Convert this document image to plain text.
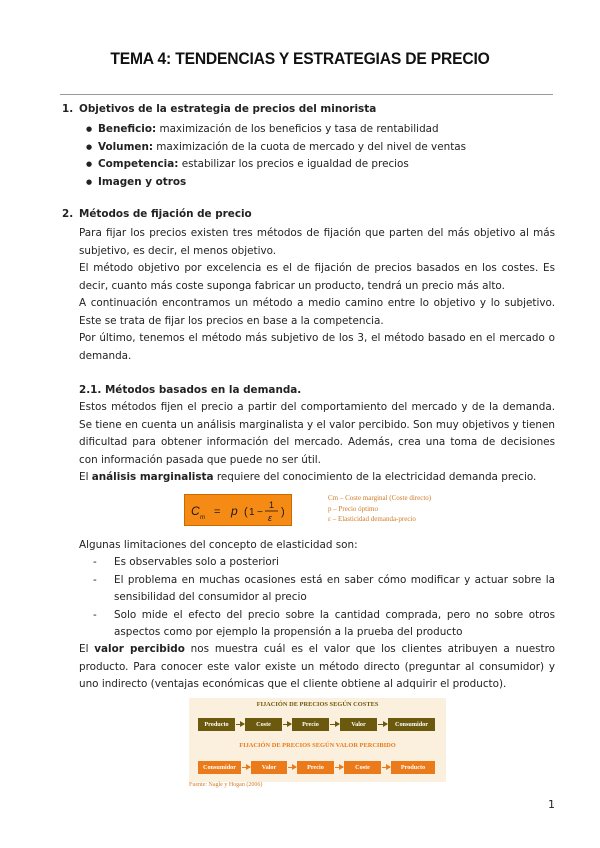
TEMA 4: TENDENCIAS Y ESTRATEGIAS DE PRECIO
1. Objetivos de la estrategia de precios del minorista
● Beneficio: maximización de los beneficios y tasa de rentabilidad
● Volumen: maximización de la cuota de mercado y del nivel de ventas
● Competencia: estabilizar los precios e igualdad de precios
● Imagen y otros
2. Métodos de fijación de precio

Para fijar los precios existen tres métodos de fijación que parten del más objetivo al más subjetivo, es decir, el menos objetivo.

El método objetivo por excelencia es el de fijación de precios basados en los costes. Es decir, cuanto más coste suponga fabricar un producto, tendrá un precio más alto.

A continuación encontramos un método a medio camino entre lo objetivo y lo subjetivo. Este se trata de fijar los precios en base a la competencia.

Por último, tenemos el método más subjetivo de los 3, el método basado en el mercado o demanda.

2.1. Métodos basados en la demanda.

Estos métodos fijen el precio a partir del comportamiento del mercado y de la demanda. Se tiene en cuenta un análisis marginalista y el valor percibido. Son muy objetivos y tienen dificultad para obtener información del mercado. Además, crea una toma de decisiones con información pasada que puede no ser útil.

El análisis marginalista requiere del conocimiento de la electricidad demanda precio.

C m = p ( 1 −
1
ε )
Cm – Coste marginal (Coste directo)
p – Precio óptimo
ε – Elasticidad demanda-precio
Algunas limitaciones del concepto de elasticidad son:
- Es observables solo a posteriori
- El problema en muchas ocasiones está en saber cómo modificar y actuar sobre la sensibilidad del consumidor al precio
- Solo mide el efecto del precio sobre la cantidad comprada, pero no sobre otros aspectos como por ejemplo la propensión a la prueba del producto

El valor percibido nos muestra cuál es el valor que los clientes atribuyen a nuestro producto. Para conocer este valor existe un método directo (preguntar al consumidor) y uno indirecto (ventajas económicas que el cliente obtiene al adquirir el producto).

FIJACIÓN DE PRECIOS SEGÚN COSTES
Producto	Coste	Precio	Valor	Consumidor
FIJACIÓN DE PRECIOS SEGÚN VALOR PERCIBIDO
Consumidor	Valor	Precio	Coste	Producto
Fuente: Nagle y Hogan (2006)
1
